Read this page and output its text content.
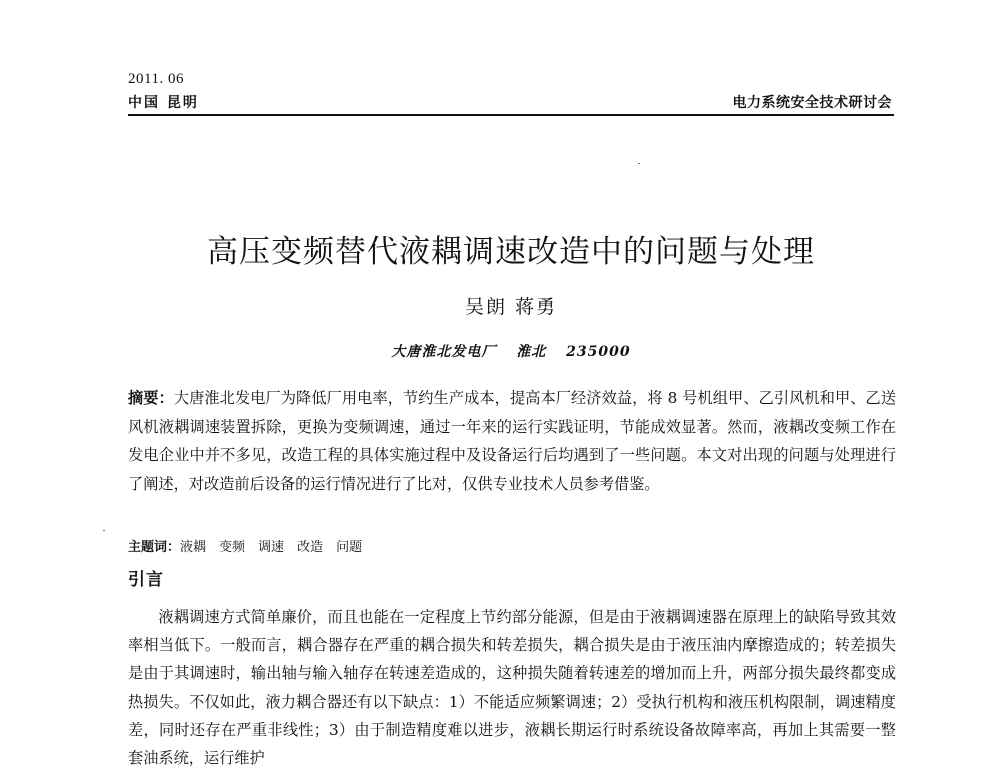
2011. 06
中国 昆明	电力系统安全技术研讨会
高压变频替代液耦调速改造中的问题与处理
吴朗 蒋勇
大唐淮北发电厂 淮北 235000
摘要：大唐淮北发电厂为降低厂用电率，节约生产成本，提高本厂经济效益，将 8 号机组甲、乙引风机和甲、乙送风机液耦调速装置拆除，更换为变频调速，通过一年来的运行实践证明，节能成效显著。然而，液耦改变频工作在发电企业中并不多见，改造工程的具体实施过程中及设备运行后均遇到了一些问题。本文对出现的问题与处理进行了阐述，对改造前后设备的运行情况进行了比对，仅供专业技术人员参考借鉴。
主题词：液耦 变频 调速 改造 问题
引言
液耦调速方式简单廉价，而且也能在一定程度上节约部分能源，但是由于液耦调速器在原理上的缺陷导致其效率相当低下。一般而言，耦合器存在严重的耦合损失和转差损失，耦合损失是由于液压油内摩擦造成的；转差损失是由于其调速时，输出轴与输入轴存在转速差造成的，这种损失随着转速差的增加而上升，两部分损失最终都变成热损失。不仅如此，液力耦合器还有以下缺点：1）不能适应频繁调速；2）受执行机构和液压机构限制，调速精度差，同时还存在严重非线性；3）由于制造精度难以进步，液耦长期运行时系统设备故障率高，再加上其需要一整套油系统，运行维护
